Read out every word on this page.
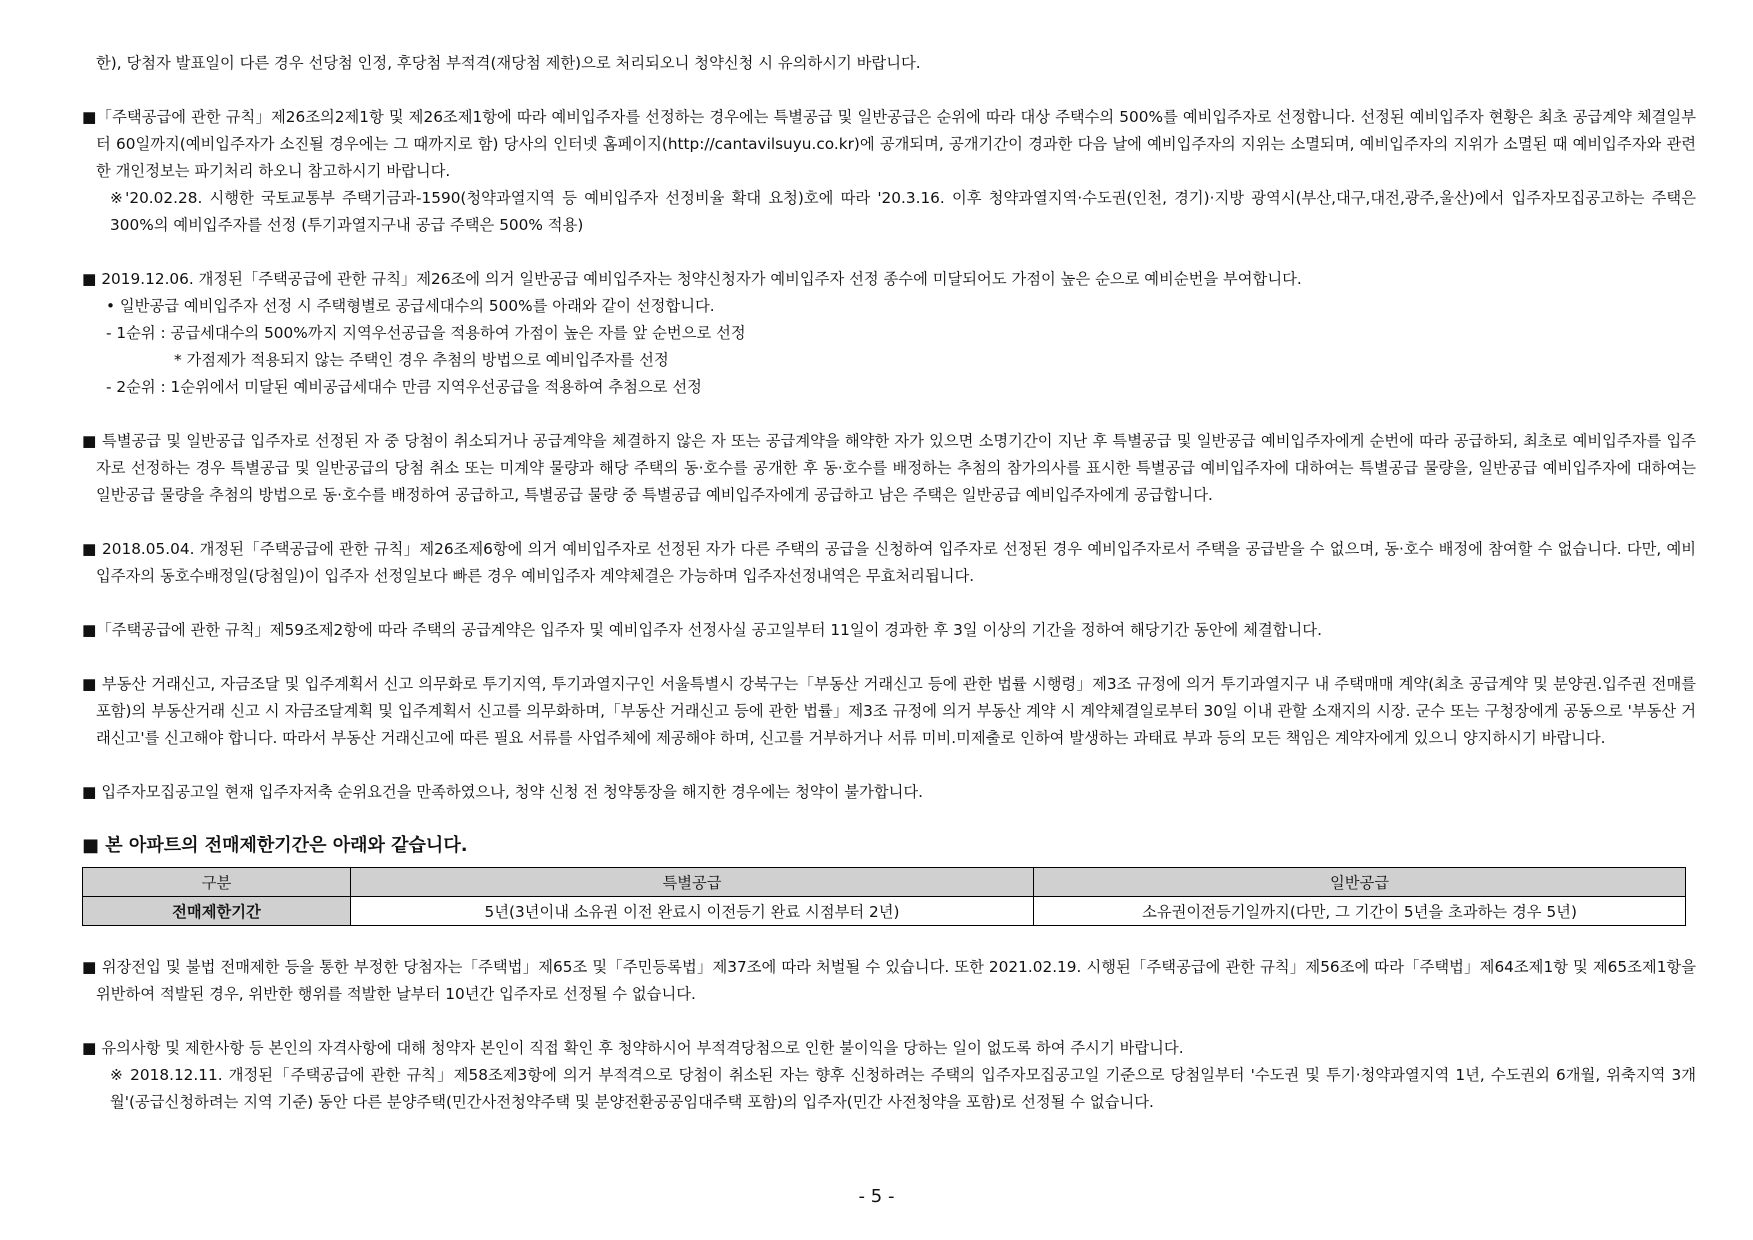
한), 당첨자 발표일이 다른 경우 선당첨 인정, 후당첨 부적격(재당첨 제한)으로 처리되오니 청약신청 시 유의하시기 바랍니다.

■「주택공급에 관한 규칙」제26조의2제1항 및 제26조제1항에 따라 예비입주자를 선정하는 경우에는 특별공급 및 일반공급은 순위에 따라 대상 주택수의 500%를 예비입주자로 선정합니다. 선정된 예비입주자 현황은 최초 공급계약 체결일부터 60일까지(예비입주자가 소진될 경우에는 그 때까지로 함) 당사의 인터넷 홈페이지(http://cantavilsuyu.co.kr)에 공개되며, 공개기간이 경과한 다음 날에 예비입주자의 지위는 소멸되며, 예비입주자의 지위가 소멸된 때 예비입주자와 관련한 개인정보는 파기처리 하오니 참고하시기 바랍니다.

※'20.02.28. 시행한 국토교통부 주택기금과-1590(청약과열지역 등 예비입주자 선정비율 확대 요청)호에 따라 '20.3.16. 이후 청약과열지역·수도권(인천, 경기)·지방 광역시(부산,대구,대전,광주,울산)에서 입주자모집공고하는 주택은 300%의 예비입주자를 선정 (투기과열지구내 공급 주택은 500% 적용)

■ 2019.12.06. 개정된「주택공급에 관한 규칙」제26조에 의거 일반공급 예비입주자는 청약신청자가 예비입주자 선정 종수에 미달되어도 가점이 높은 순으로 예비순번을 부여합니다.

• 일반공급 예비입주자 선정 시 주택형별로 공급세대수의 500%를 아래와 같이 선정합니다.

- 1순위 : 공급세대수의 500%까지 지역우선공급을 적용하여 가점이 높은 자를 앞 순번으로 선정

* 가점제가 적용되지 않는 주택인 경우 추첨의 방법으로 예비입주자를 선정

- 2순위 : 1순위에서 미달된 예비공급세대수 만큼 지역우선공급을 적용하여 추첨으로 선정

■ 특별공급 및 일반공급 입주자로 선정된 자 중 당첨이 취소되거나 공급계약을 체결하지 않은 자 또는 공급계약을 해약한 자가 있으면 소명기간이 지난 후 특별공급 및 일반공급 예비입주자에게 순번에 따라 공급하되, 최초로 예비입주자를 입주자로 선정하는 경우 특별공급 및 일반공급의 당첨 취소 또는 미계약 물량과 해당 주택의 동·호수를 공개한 후 동·호수를 배정하는 추첨의 참가의사를 표시한 특별공급 예비입주자에 대하여는 특별공급 물량을, 일반공급 예비입주자에 대하여는 일반공급 물량을 추첨의 방법으로 동·호수를 배정하여 공급하고, 특별공급 물량 중 특별공급 예비입주자에게 공급하고 남은 주택은 일반공급 예비입주자에게 공급합니다.
■ 2018.05.04. 개정된「주택공급에 관한 규칙」제26조제6항에 의거 예비입주자로 선정된 자가 다른 주택의 공급을 신청하여 입주자로 선정된 경우 예비입주자로서 주택을 공급받을 수 없으며, 동·호수 배정에 참여할 수 없습니다. 다만, 예비입주자의 동호수배정일(당첨일)이 입주자 선정일보다 빠른 경우 예비입주자 계약체결은 가능하며 입주자선정내역은 무효처리됩니다.
■「주택공급에 관한 규칙」제59조제2항에 따라 주택의 공급계약은 입주자 및 예비입주자 선정사실 공고일부터 11일이 경과한 후 3일 이상의 기간을 정하여 해당기간 동안에 체결합니다.
■ 부동산 거래신고, 자금조달 및 입주계획서 신고 의무화로 투기지역, 투기과열지구인 서울특별시 강북구는「부동산 거래신고 등에 관한 법률 시행령」제3조 규정에 의거 투기과열지구 내 주택매매 계약(최초 공급계약 및 분양권.입주권 전매를 포함)의 부동산거래 신고 시 자금조달계획 및 입주계획서 신고를 의무화하며,「부동산 거래신고 등에 관한 법률」제3조 규정에 의거 부동산 계약 시 계약체결일로부터 30일 이내 관할 소재지의 시장. 군수 또는 구청장에게 공동으로 '부동산 거래신고'를 신고해야 합니다. 따라서 부동산 거래신고에 따른 필요 서류를 사업주체에 제공해야 하며, 신고를 거부하거나 서류 미비.미제출로 인하여 발생하는 과태료 부과 등의 모든 책임은 계약자에게 있으니 양지하시기 바랍니다.
■ 입주자모집공고일 현재 입주자저축 순위요건을 만족하였으나, 청약 신청 전 청약통장을 해지한 경우에는 청약이 불가합니다.
■ 본 아파트의 전매제한기간은 아래와 같습니다.
구분	특별공급	일반공급
전매제한기간	5년(3년이내 소유권 이전 완료시 이전등기 완료 시점부터 2년)	소유권이전등기일까지(다만, 그 기간이 5년을 초과하는 경우 5년)
■ 위장전입 및 불법 전매제한 등을 통한 부정한 당첨자는「주택법」제65조 및「주민등록법」제37조에 따라 처벌될 수 있습니다. 또한 2021.02.19. 시행된「주택공급에 관한 규칙」제56조에 따라「주택법」제64조제1항 및 제65조제1항을 위반하여 적발된 경우, 위반한 행위를 적발한 날부터 10년간 입주자로 선정될 수 없습니다.

■ 유의사항 및 제한사항 등 본인의 자격사항에 대해 청약자 본인이 직접 확인 후 청약하시어 부적격당첨으로 인한 불이익을 당하는 일이 없도록 하여 주시기 바랍니다.

※ 2018.12.11. 개정된「주택공급에 관한 규칙」제58조제3항에 의거 부적격으로 당첨이 취소된 자는 향후 신청하려는 주택의 입주자모집공고일 기준으로 당첨일부터 '수도권 및 투기·청약과열지역 1년, 수도권외 6개월, 위축지역 3개월'(공급신청하려는 지역 기준) 동안 다른 분양주택(민간사전청약주택 및 분양전환공공임대주택 포함)의 입주자(민간 사전청약을 포함)로 선정될 수 없습니다.

- 5 -
